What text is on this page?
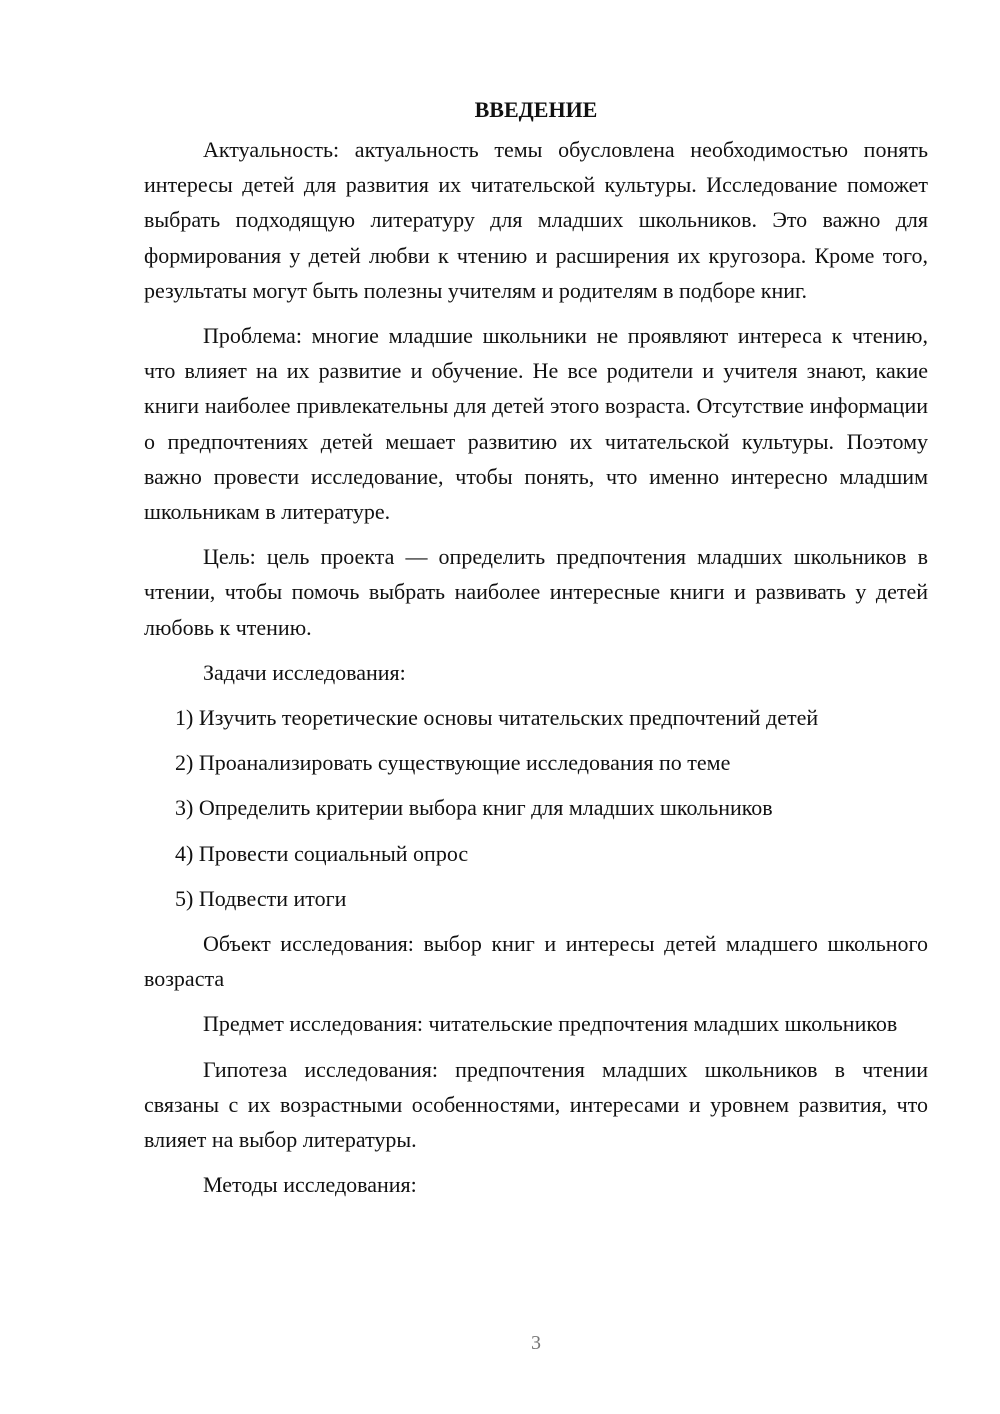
ВВЕДЕНИЕ

Актуальность: актуальность темы обусловлена необходимостью понять интересы детей для развития их читательской культуры. Исследование поможет выбрать подходящую литературу для младших школьников. Это важно для формирования у детей любви к чтению и расширения их кругозора. Кроме того, результаты могут быть полезны учителям и родителям в подборе книг.

Проблема: многие младшие школьники не проявляют интереса к чтению, что влияет на их развитие и обучение. Не все родители и учителя знают, какие книги наиболее привлекательны для детей этого возраста. Отсутствие информации о предпочтениях детей мешает развитию их читательской культуры. Поэтому важно провести исследование, чтобы понять, что именно интересно младшим школьникам в литературе.

Цель: цель проекта — определить предпочтения младших школьников в чтении, чтобы помочь выбрать наиболее интересные книги и развивать у детей любовь к чтению.

Задачи исследования:

1) Изучить теоретические основы читательских предпочтений детей
2) Проанализировать существующие исследования по теме
3) Определить критерии выбора книг для младших школьников
4) Провести социальный опрос
5) Подвести итоги

Объект исследования: выбор книг и интересы детей младшего школьного возраста

Предмет исследования: читательские предпочтения младших школьников

Гипотеза исследования: предпочтения младших школьников в чтении связаны с их возрастными особенностями, интересами и уровнем развития, что влияет на выбор литературы.

Методы исследования:

3
